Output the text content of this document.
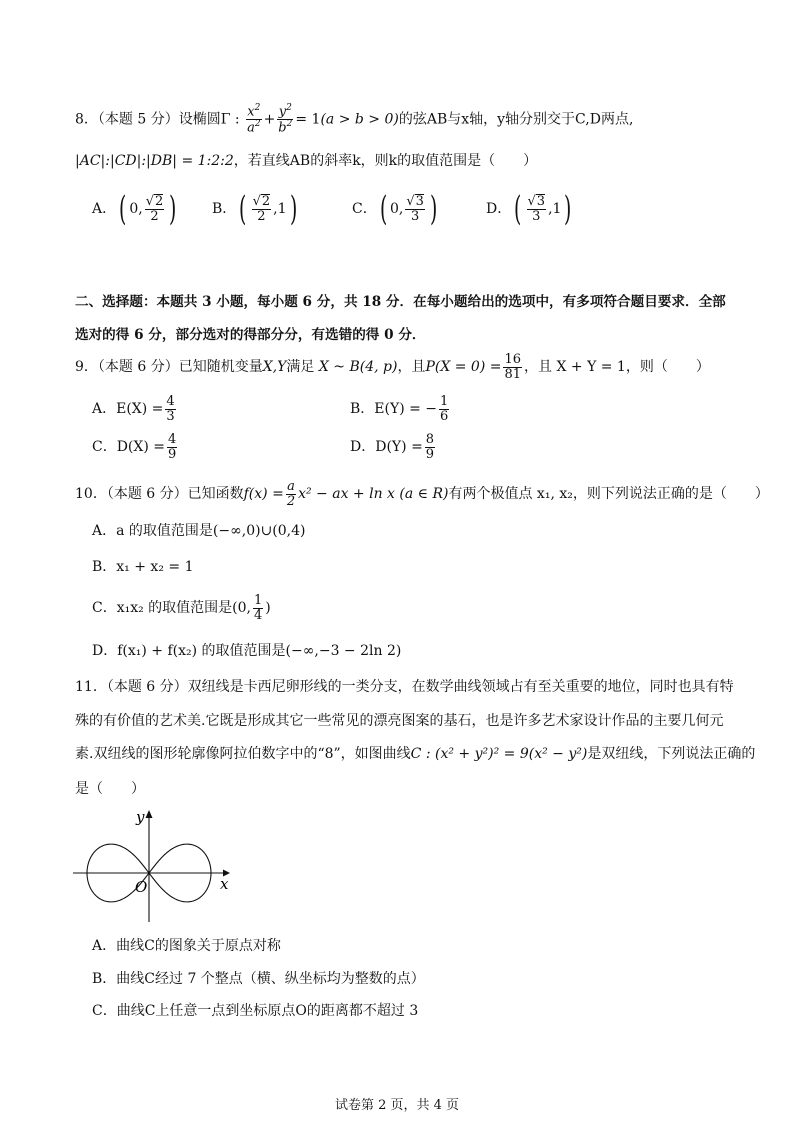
8．（本题 5 分）设椭圆Γ : $\frac{x^2}{a^2} + \frac{y^2}{b^2} = 1(a > b > 0)$的弦AB与x轴，y轴分别交于C,D两点,
|AC|:|CD|:|DB| = 1:2:2，若直线AB的斜率k，则k的取值范围是（　　）
A．( 0, $\frac{√2}{2}$ )	B．( $\frac{√2}{2} ,1$)	C．( 0, $\frac{√3}{3}$ )	D．( $\frac{√3}{3} ,1$)
二、选择题：本题共 3 小题，每小题 6 分，共 18 分．在每小题给出的选项中，有多项符合题目要求．全部
选对的得 6 分，部分选对的得部分分，有选错的得 0 分．
9．（本题 6 分）已知随机变量X,Y满足 X ~ B(4, p)，且$P(X = 0) = \frac{16}{81}$ ，且 X + Y = 1，则（　　）
A．$E(X) = \frac{4}{3}$	B．E(Y) = − $\frac{1}{6}$
C．$D(X) = \frac{4}{9}$	D．$D(Y) = \frac{8}{9}$
10．（本题 6 分）已知函数$f(x) = \frac{a}{2} x^2$ − ax + ln x (a ∈ R)有两个极值点 x₁, x₂，则下列说法正确的是（　　）
A．a 的取值范围是(−∞,0)∪(0,4)
B．x₁ + x₂ = 1
C．x₁x₂ 的取值范围是(0, $\frac{1}{4}$ )
D．f(x₁) + f(x₂) 的取值范围是(−∞,−3 − 2ln 2)
11．（本题 6 分）双纽线是卡西尼卵形线的一类分支，在数学曲线领域占有至关重要的地位，同时也具有特
殊的有价值的艺术美.它既是形成其它一些常见的漂亮图案的基石，也是许多艺术家设计作品的主要几何元
素.双纽线的图形轮廓像阿拉伯数字中的“8”，如图曲线C : (x² + y²)² = 9(x² − y²)是双纽线，下列说法正确的
是（　　）
y
x
O
A．曲线C的图象关于原点对称
B．曲线C经过 7 个整点（横、纵坐标均为整数的点）
C．曲线C上任意一点到坐标原点O的距离都不超过 3
试卷第 2 页，共 4 页
